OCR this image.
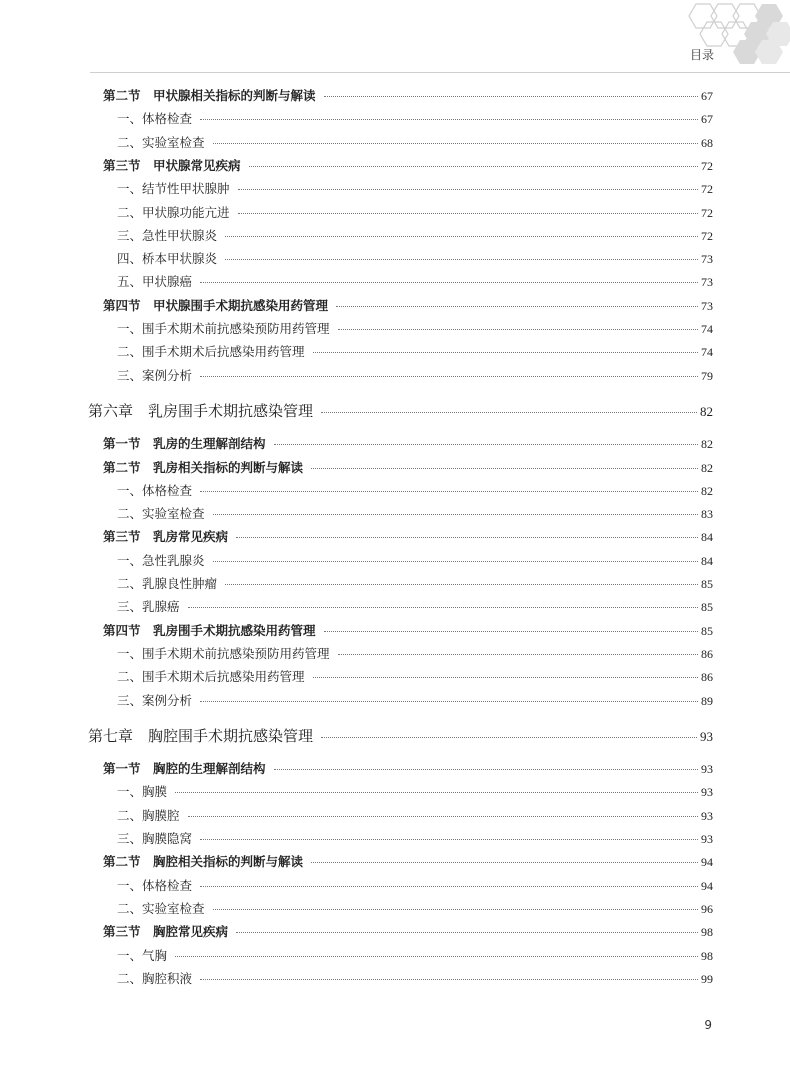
目录
第二节　甲状腺相关指标的判断与解读	67
一、体格检查	67
二、实验室检查	68
第三节　甲状腺常见疾病	72
一、结节性甲状腺肿	72
二、甲状腺功能亢进	72
三、急性甲状腺炎	72
四、桥本甲状腺炎	73
五、甲状腺癌	73
第四节　甲状腺围手术期抗感染用药管理	73
一、围手术期术前抗感染预防用药管理	74
二、围手术期术后抗感染用药管理	74
三、案例分析	79
第六章　乳房围手术期抗感染管理	82
第一节　乳房的生理解剖结构	82
第二节　乳房相关指标的判断与解读	82
一、体格检查	82
二、实验室检查	83
第三节　乳房常见疾病	84
一、急性乳腺炎	84
二、乳腺良性肿瘤	85
三、乳腺癌	85
第四节　乳房围手术期抗感染用药管理	85
一、围手术期术前抗感染预防用药管理	86
二、围手术期术后抗感染用药管理	86
三、案例分析	89
第七章　胸腔围手术期抗感染管理	93
第一节　胸腔的生理解剖结构	93
一、胸膜	93
二、胸膜腔	93
三、胸膜隐窝	93
第二节　胸腔相关指标的判断与解读	94
一、体格检查	94
二、实验室检查	96
第三节　胸腔常见疾病	98
一、气胸	98
二、胸腔积液	99
9
